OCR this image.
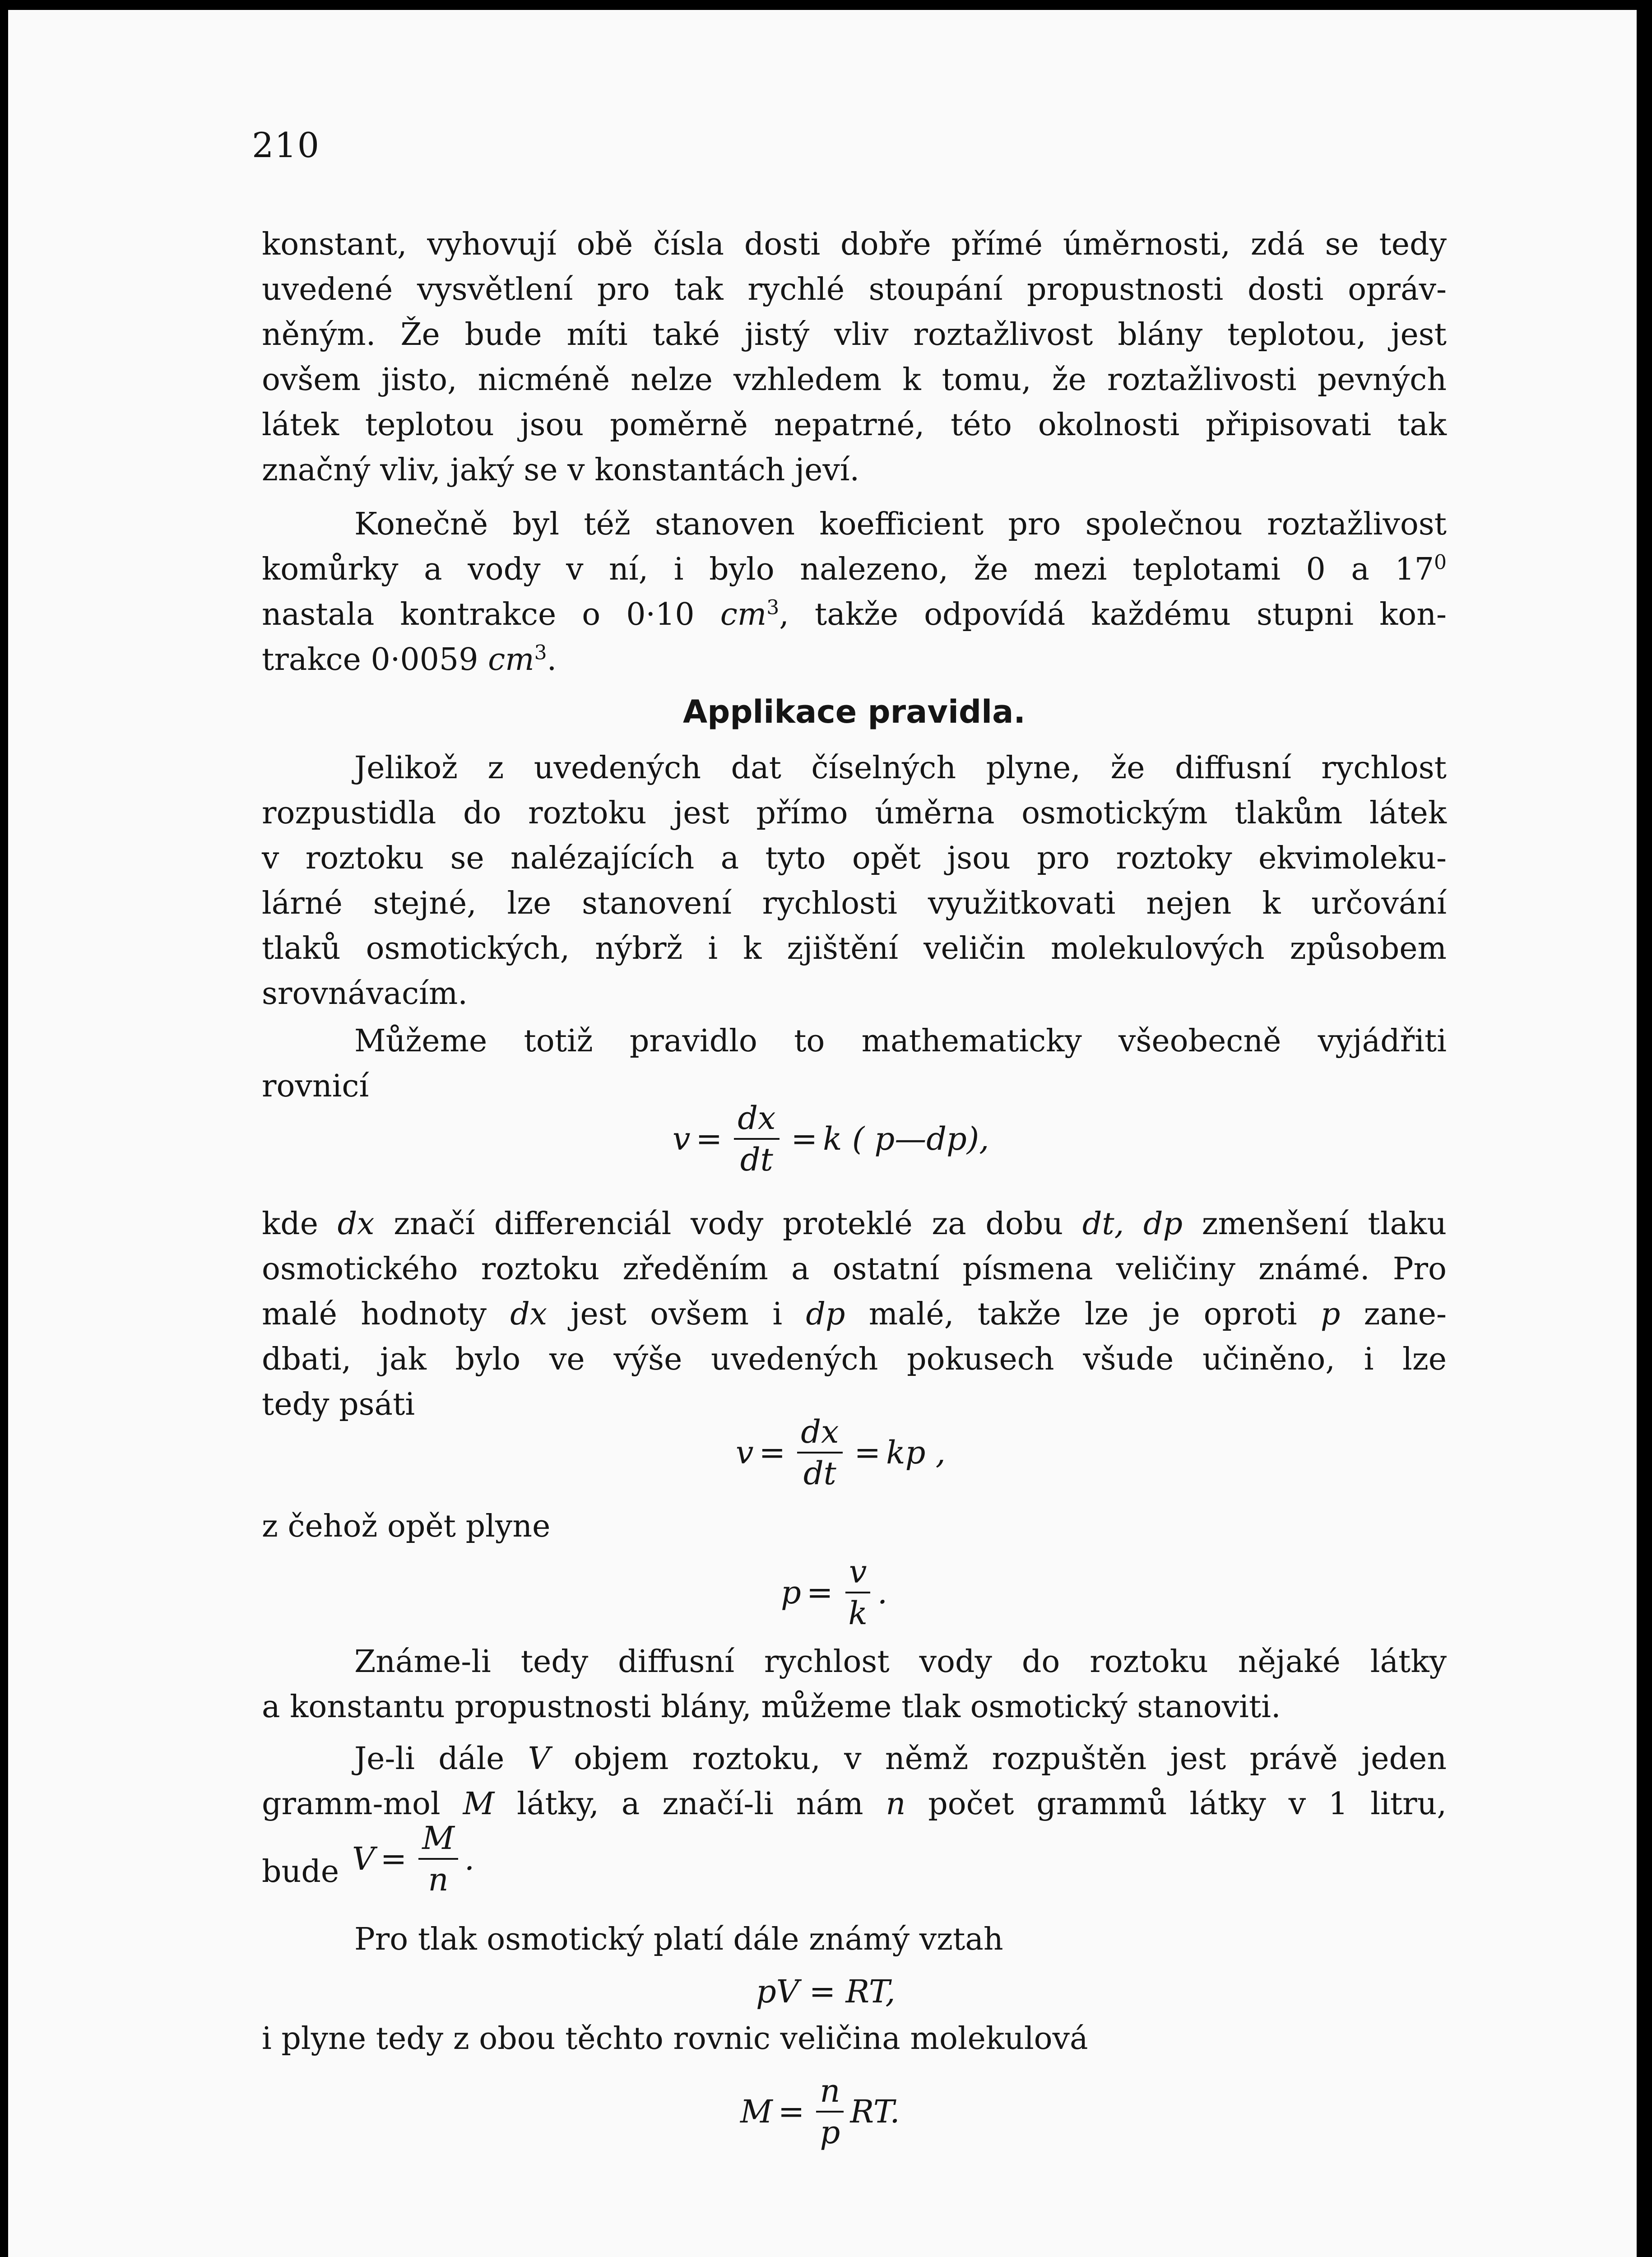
210
konstant, vyhovují obě čísla dosti dobře přímé úměrnosti, zdá se tedy
uvedené vysvětlení pro tak rychlé stoupání propustnosti dosti opráv-
něným. Že bude míti také jistý vliv roztažlivost blány teplotou, jest
ovšem jisto, nicméně nelze vzhledem k tomu, že roztažlivosti pevných
látek teplotou jsou poměrně nepatrné, této okolnosti připisovati tak
značný vliv, jaký se v konstantách jeví.
Konečně byl též stanoven koefficient pro společnou roztažlivost
komůrky a vody v ní, i bylo nalezeno, že mezi teplotami 0 a $17^0$
nastala kontrakce o 0·10 $cm^3$, takže odpovídá každému stupni kon-
trakce 0·0059 $cm^3$.
Applikace pravidla.
Jelikož z uvedených dat číselných plyne, že diffusní rychlost
rozpustidla do roztoku jest přímo úměrna osmotickým tlakům látek
v roztoku se nalézajících a tyto opět jsou pro roztoky ekvimoleku-
lárné stejné, lze stanovení rychlosti využitkovati nejen k určování
tlaků osmotických, nýbrž i k zjištění veličin molekulových způsobem
srovnávacím.
Můžeme totiž pravidlo to mathematicky všeobecně vyjádřiti
rovnicí
$v = \frac{dx}{dt} = k$ ( p—dp),
kde dx značí differenciál vody proteklé za dobu dt, dp zmenšení tlaku
osmotického roztoku zředěním a ostatní písmena veličiny známé. Pro
malé hodnoty dx jest ovšem i dp malé, takže lze je oproti p zane-
dbati, jak bylo ve výše uvedených pokusech všude učiněno, i lze
tedy psáti
$v = \frac{dx}{dt}$ = kp ,
z čehož opět plyne
$p = \frac{v}{k}$ .
Známe-li tedy diffusní rychlost vody do roztoku nějaké látky
a konstantu propustnosti blány, můžeme tlak osmotický stanoviti.
Je-li dále V objem roztoku, v němž rozpuštěn jest právě jeden
gramm-mol M látky, a značí-li nám n počet grammů látky v 1 litru,
bude $V = \frac{M}{n}$ .
Pro tlak osmotický platí dále známý vztah
pV = RT,
i plyne tedy z obou těchto rovnic veličina molekulová
$M = \frac{n}{p}$ RT.
